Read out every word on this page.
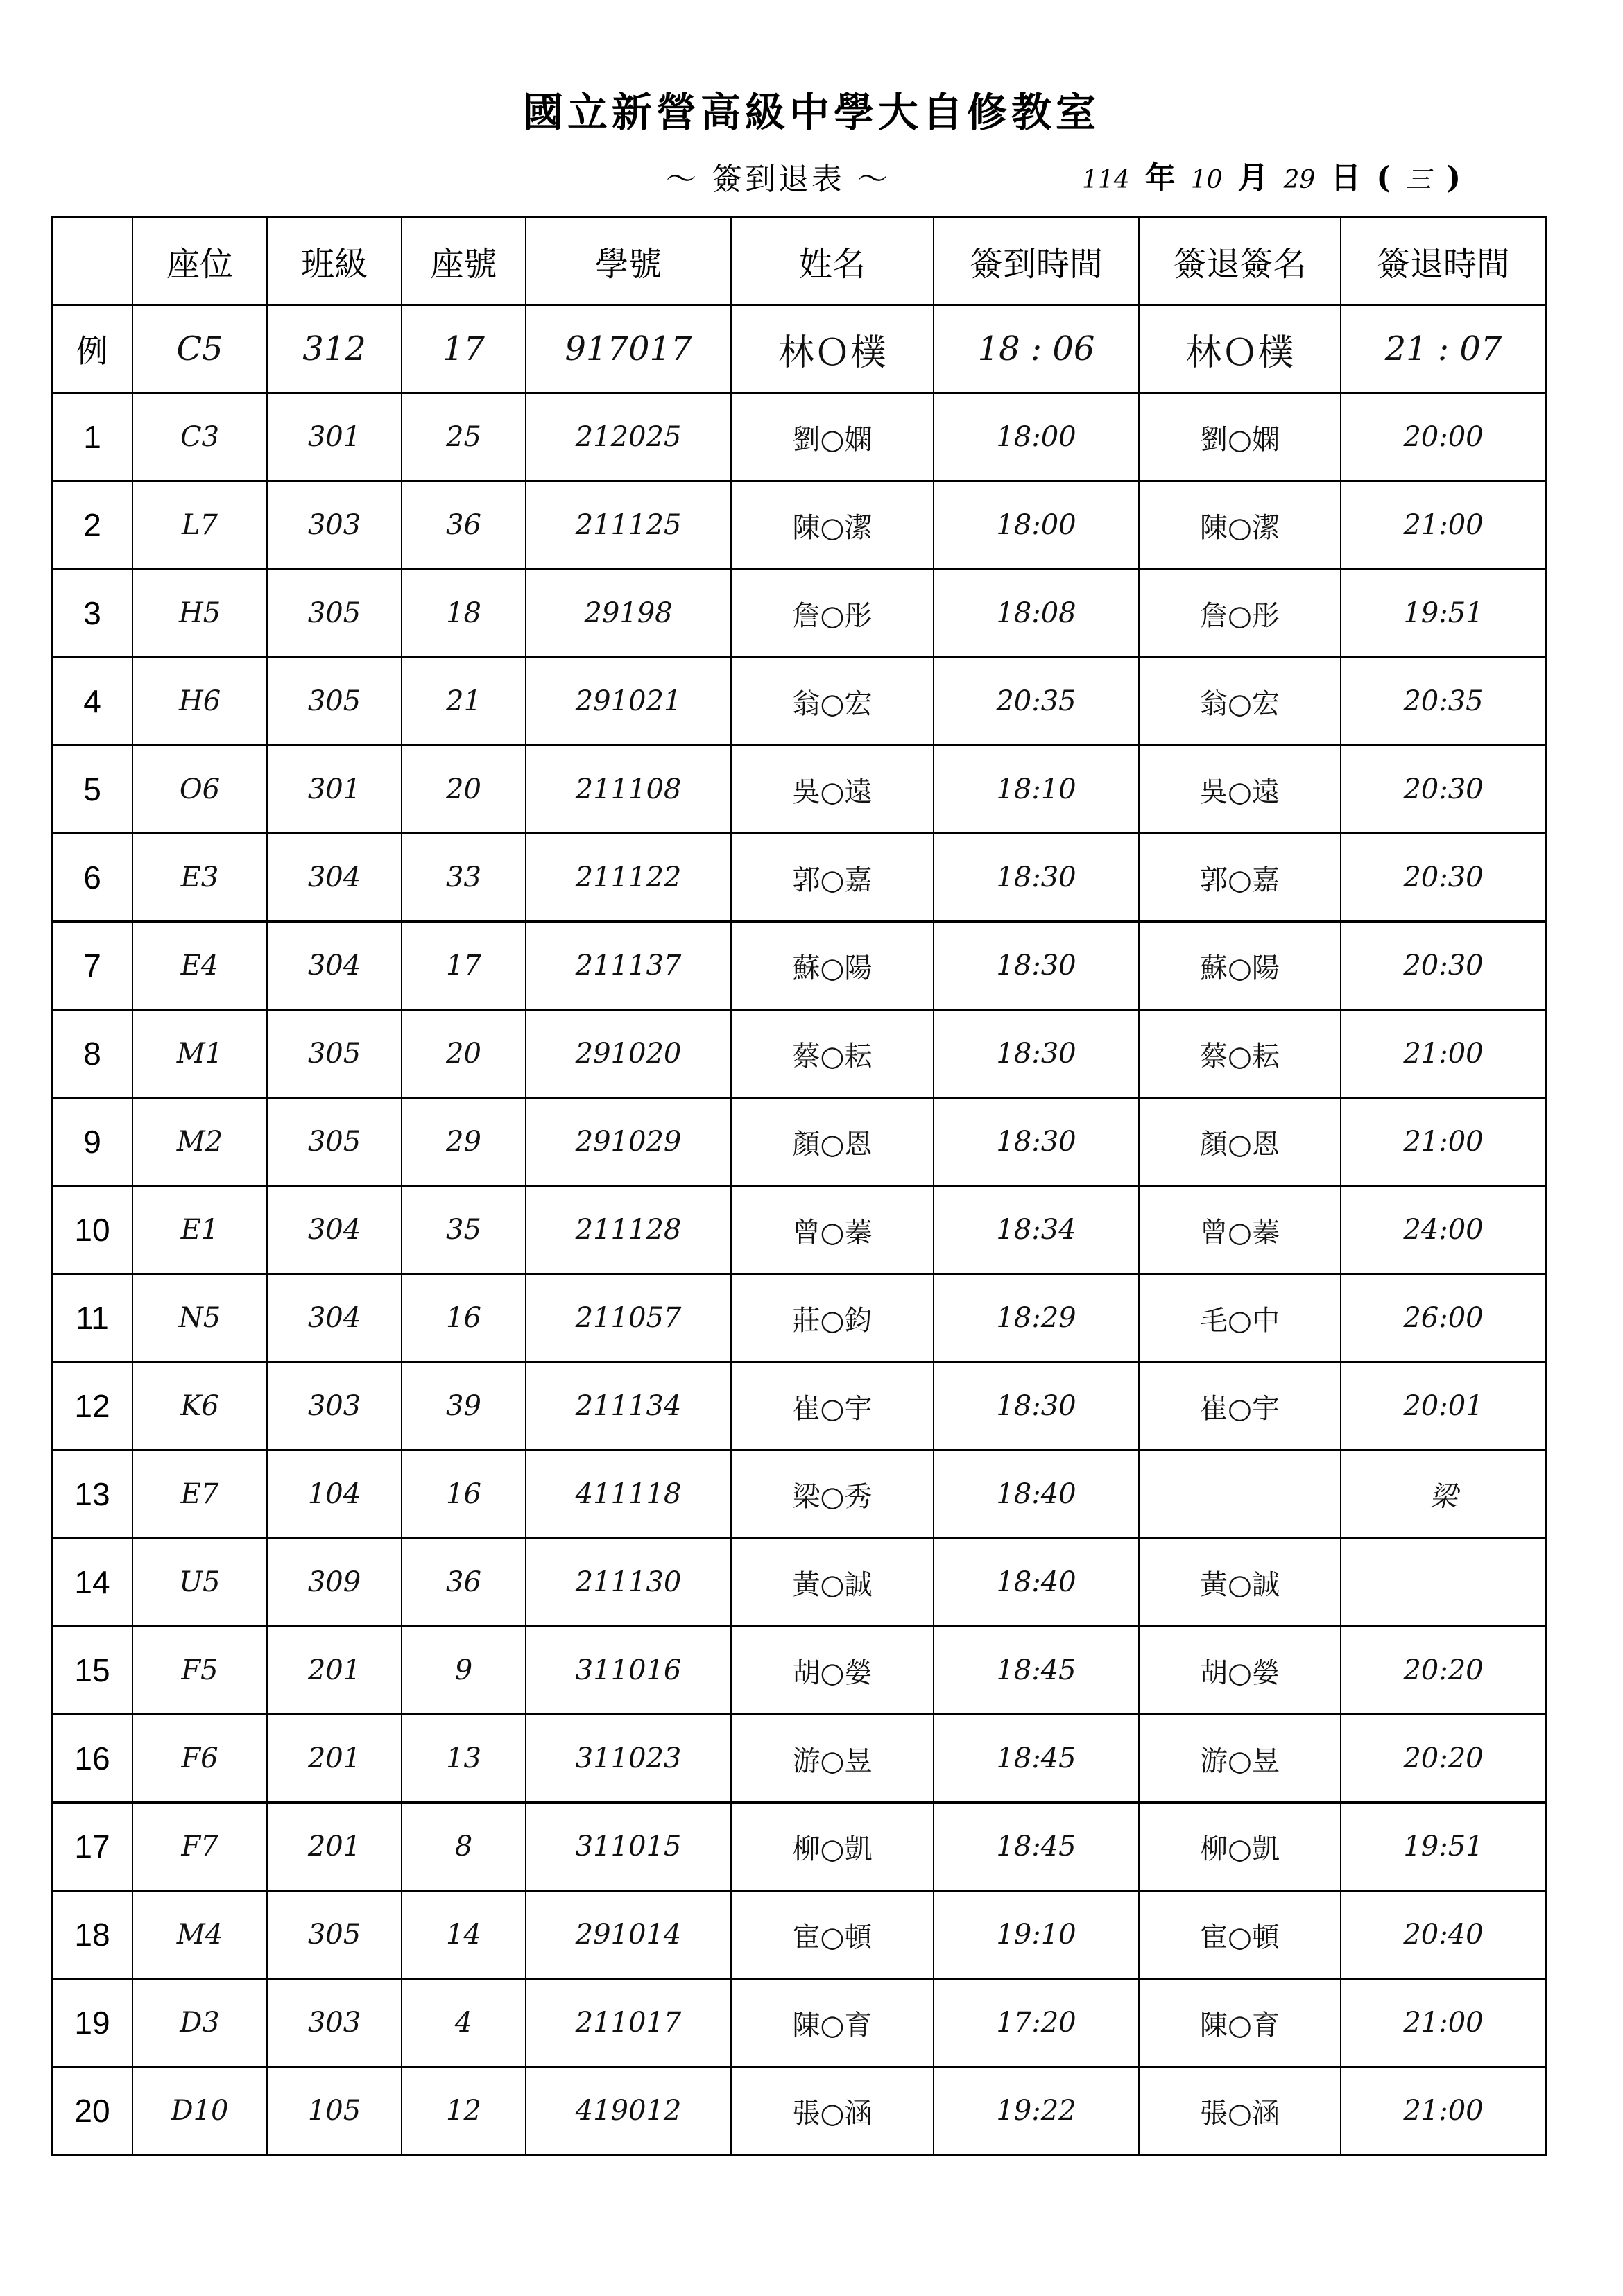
國立新營高級中學大自修教室
～ 簽到退表 ～	114 年 10 月 29 日 ( 三 )
	座位	班級	座號	學號	姓名	簽到時間	簽退簽名	簽退時間
例	C5	312	17	917017	林Ｏ樸	18 : 06	林Ｏ樸	21 : 07
1	C3	301	25	212025	劉○嫻	18:00	劉○嫻	20:00
2	L7	303	36	211125	陳○潔	18:00	陳○潔	21:00
3	H5	305	18	29198	詹○彤	18:08	詹○彤	19:51
4	H6	305	21	291021	翁○宏	20:35	翁○宏	20:35
5	O6	301	20	211108	吳○遠	18:10	吳○遠	20:30
6	E3	304	33	211122	郭○嘉	18:30	郭○嘉	20:30
7	E4	304	17	211137	蘇○陽	18:30	蘇○陽	20:30
8	M1	305	20	291020	蔡○耘	18:30	蔡○耘	21:00
9	M2	305	29	291029	顏○恩	18:30	顏○恩	21:00
10	E1	304	35	211128	曾○蓁	18:34	曾○蓁	24:00
11	N5	304	16	211057	莊○鈞	18:29	毛○中	26:00
12	K6	303	39	211134	崔○宇	18:30	崔○宇	20:01
13	E7	104	16	411118	梁○秀	18:40		梁
14	U5	309	36	211130	黃○誠	18:40	黃○誠	
15	F5	201	9	311016	胡○嫈	18:45	胡○嫈	20:20
16	F6	201	13	311023	游○昱	18:45	游○昱	20:20
17	F7	201	8	311015	柳○凱	18:45	柳○凱	19:51
18	M4	305	14	291014	宦○頓	19:10	宦○頓	20:40
19	D3	303	4	211017	陳○育	17:20	陳○育	21:00
20	D10	105	12	419012	張○涵	19:22	張○涵	21:00
